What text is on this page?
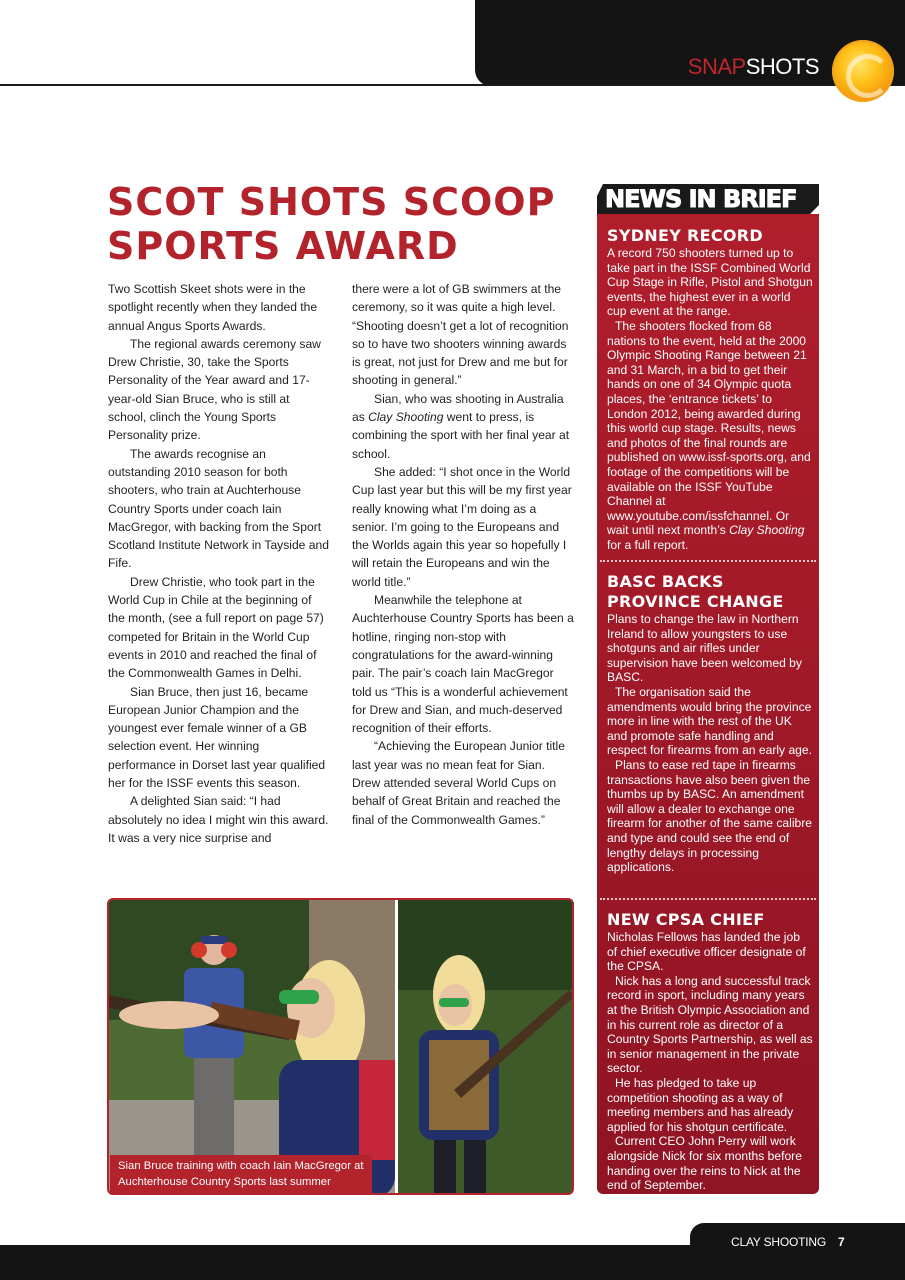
SNAPSHOTS
SCOT SHOTS SCOOP
SPORTS AWARD

Two Scottish Skeet shots were in the spotlight recently when they landed the annual Angus Sports Awards.

The regional awards ceremony saw Drew Christie, 30, take the Sports Personality of the Year award and 17-year-old Sian Bruce, who is still at school, clinch the Young Sports Personality prize.

The awards recognise an outstanding 2010 season for both shooters, who train at Auchterhouse Country Sports under coach Iain MacGregor, with backing from the Sport Scotland Institute Network in Tayside and Fife.

Drew Christie, who took part in the World Cup in Chile at the beginning of the month, (see a full report on page 57) competed for Britain in the World Cup events in 2010 and reached the final of the Commonwealth Games in Delhi.

Sian Bruce, then just 16, became European Junior Champion and the youngest ever female winner of a GB selection event. Her winning performance in Dorset last year qualified her for the ISSF events this season.

A delighted Sian said: “I had absolutely no idea I might win this award. It was a very nice surprise and

there were a lot of GB swimmers at the ceremony, so it was quite a high level. “Shooting doesn’t get a lot of recognition so to have two shooters winning awards is great, not just for Drew and me but for shooting in general.”

Sian, who was shooting in Australia as Clay Shooting went to press, is combining the sport with her final year at school.

She added: “I shot once in the World Cup last year but this will be my first year really knowing what I’m doing as a senior. I’m going to the Europeans and the Worlds again this year so hopefully I will retain the Europeans and win the world title.”

Meanwhile the telephone at Auchterhouse Country Sports has been a hotline, ringing non-stop with congratulations for the award-winning pair. The pair’s coach Iain MacGregor told us “This is a wonderful achievement for Drew and Sian, and much-deserved recognition of their efforts.

“Achieving the European Junior title last year was no mean feat for Sian. Drew attended several World Cups on behalf of Great Britain and reached the final of the Commonwealth Games.”

Sian Bruce training with coach Iain MacGregor at Auchterhouse Country Sports last summer
NEWS IN BRIEF
SYDNEY RECORD

A record 750 shooters turned up to take part in the ISSF Combined World Cup Stage in Rifle, Pistol and Shotgun events, the highest ever in a world cup event at the range.

The shooters flocked from 68 nations to the event, held at the 2000 Olympic Shooting Range between 21 and 31 March, in a bid to get their hands on one of 34 Olympic quota places, the ‘entrance tickets’ to London 2012, being awarded during this world cup stage. Results, news and photos of the final rounds are published on www.issf-sports.org, and footage of the competitions will be available on the ISSF YouTube Channel at www.youtube.com/issfchannel. Or wait until next month’s Clay Shooting for a full report.

BASC BACKS PROVINCE CHANGE

Plans to change the law in Northern Ireland to allow youngsters to use shotguns and air rifles under supervision have been welcomed by BASC.

The organisation said the amendments would bring the province more in line with the rest of the UK and promote safe handling and respect for firearms from an early age.

Plans to ease red tape in firearms transactions have also been given the thumbs up by BASC. An amendment will allow a dealer to exchange one firearm for another of the same calibre and type and could see the end of lengthy delays in processing applications.

NEW CPSA CHIEF

Nicholas Fellows has landed the job of chief executive officer designate of the CPSA.

Nick has a long and successful track record in sport, including many years at the British Olympic Association and in his current role as director of a Country Sports Partnership, as well as in senior management in the private sector.

He has pledged to take up competition shooting as a way of meeting members and has already applied for his shotgun certificate.

Current CEO John Perry will work alongside Nick for six months before handing over the reins to Nick at the end of September.

CLAY SHOOTING 7
